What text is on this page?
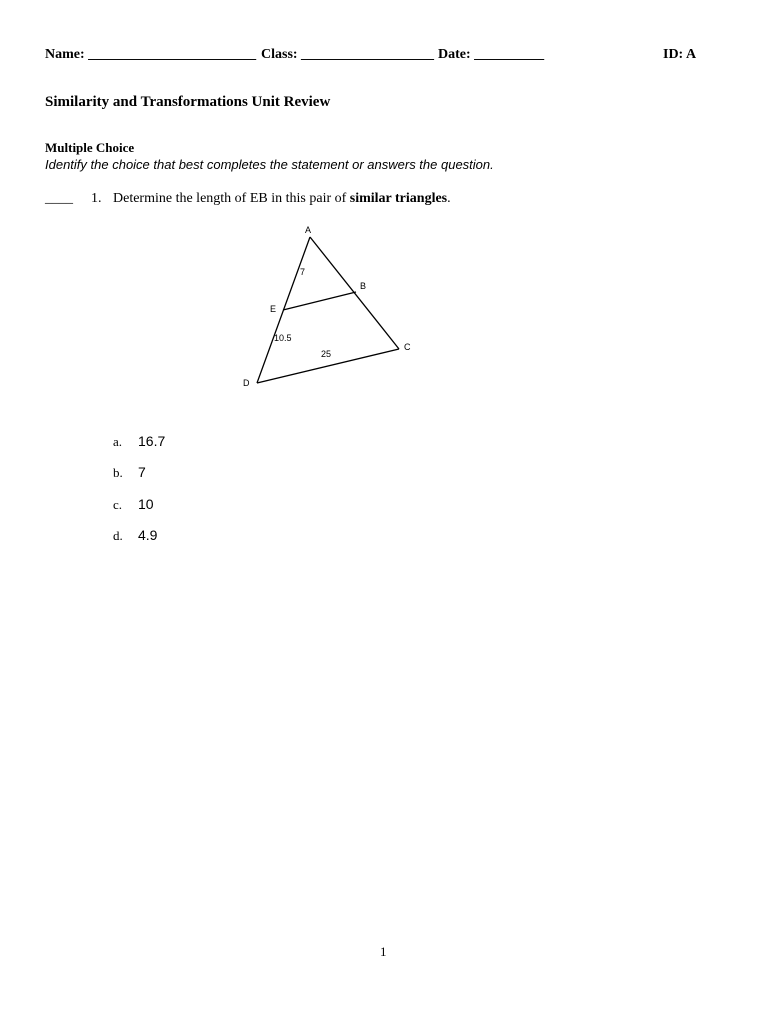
Name: ________________________ Class: ___________________ Date: __________	ID: A
Similarity and Transformations Unit Review
Multiple Choice
Identify the choice that best completes the statement or answers the question.
____ 1. Determine the length of EB in this pair of similar triangles.
A
B
C
D
E
7
10.5
25
a. 16.7
b. 7
c. 10
d. 4.9
1
